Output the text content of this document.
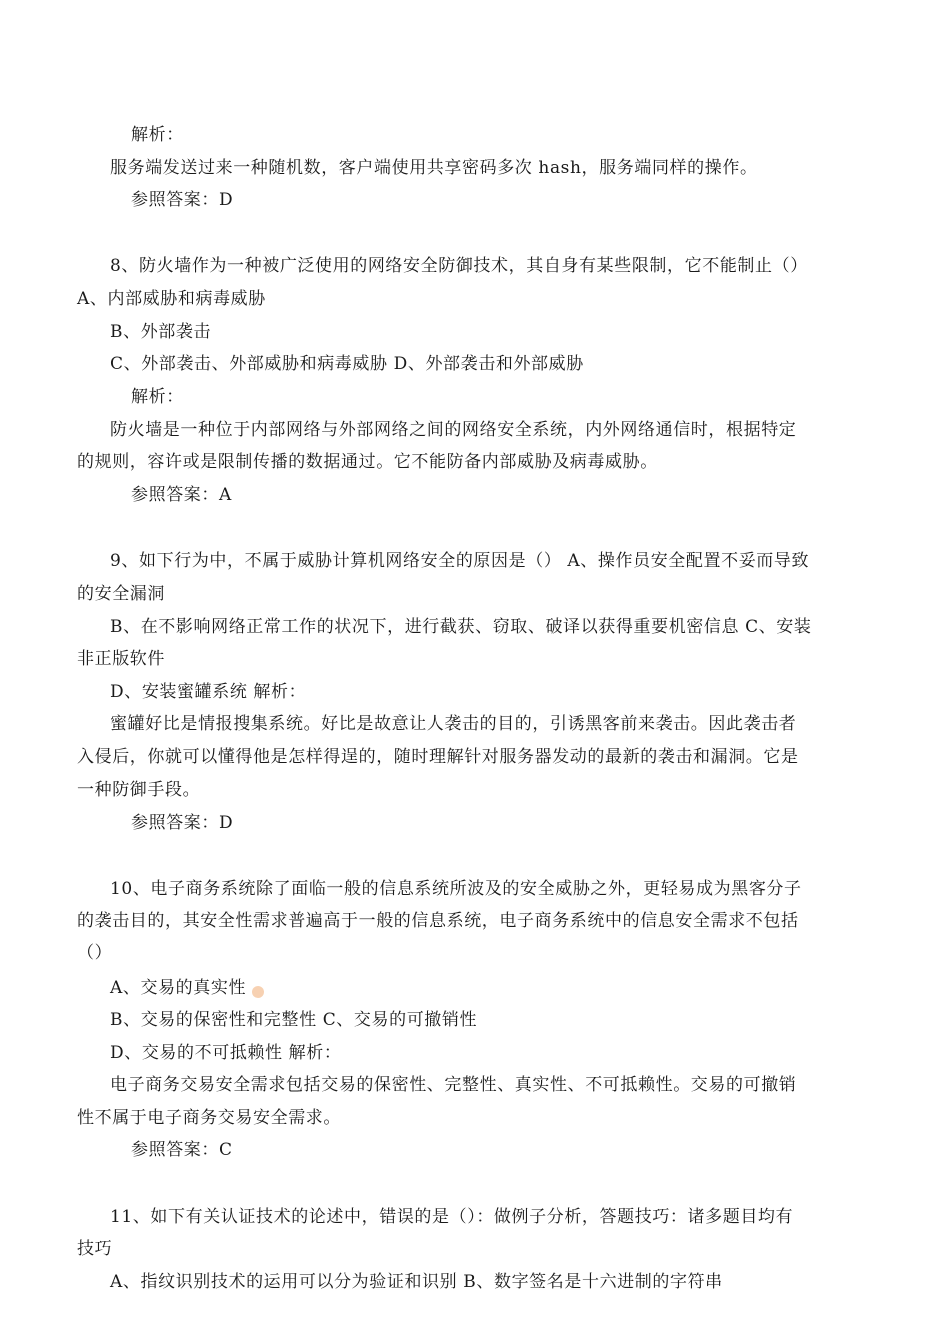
解析：
服务端发送过来一种随机数，客户端使用共享密码多次 hash，服务端同样的操作。
参照答案：D
8、防火墙作为一种被广泛使用的网络安全防御技术，其自身有某些限制，它不能制止（）
A、内部威胁和病毒威胁
B、外部袭击
C、外部袭击、外部威胁和病毒威胁 D、外部袭击和外部威胁
解析：
防火墙是一种位于内部网络与外部网络之间的网络安全系统，内外网络通信时，根据特定
的规则，容许或是限制传播的数据通过。它不能防备内部威胁及病毒威胁。
参照答案：A
9、如下行为中，不属于威胁计算机网络安全的原因是（） A、操作员安全配置不妥而导致
的安全漏洞
B、在不影响网络正常工作的状况下，进行截获、窃取、破译以获得重要机密信息 C、安装
非正版软件
D、安装蜜罐系统 解析：
蜜罐好比是情报搜集系统。好比是故意让人袭击的目的，引诱黑客前来袭击。因此袭击者
入侵后，你就可以懂得他是怎样得逞的，随时理解针对服务器发动的最新的袭击和漏洞。它是
一种防御手段。
参照答案：D
10、电子商务系统除了面临一般的信息系统所波及的安全威胁之外，更轻易成为黑客分子
的袭击目的，其安全性需求普遍高于一般的信息系统，电子商务系统中的信息安全需求不包括
（）
A、交易的真实性
B、交易的保密性和完整性 C、交易的可撤销性
D、交易的不可抵赖性 解析：
电子商务交易安全需求包括交易的保密性、完整性、真实性、不可抵赖性。交易的可撤销
性不属于电子商务交易安全需求。
参照答案：C
11、如下有关认证技术的论述中，错误的是（）：做例子分析，答题技巧：诸多题目均有
技巧
A、指纹识别技术的运用可以分为验证和识别 B、数字签名是十六进制的字符串
